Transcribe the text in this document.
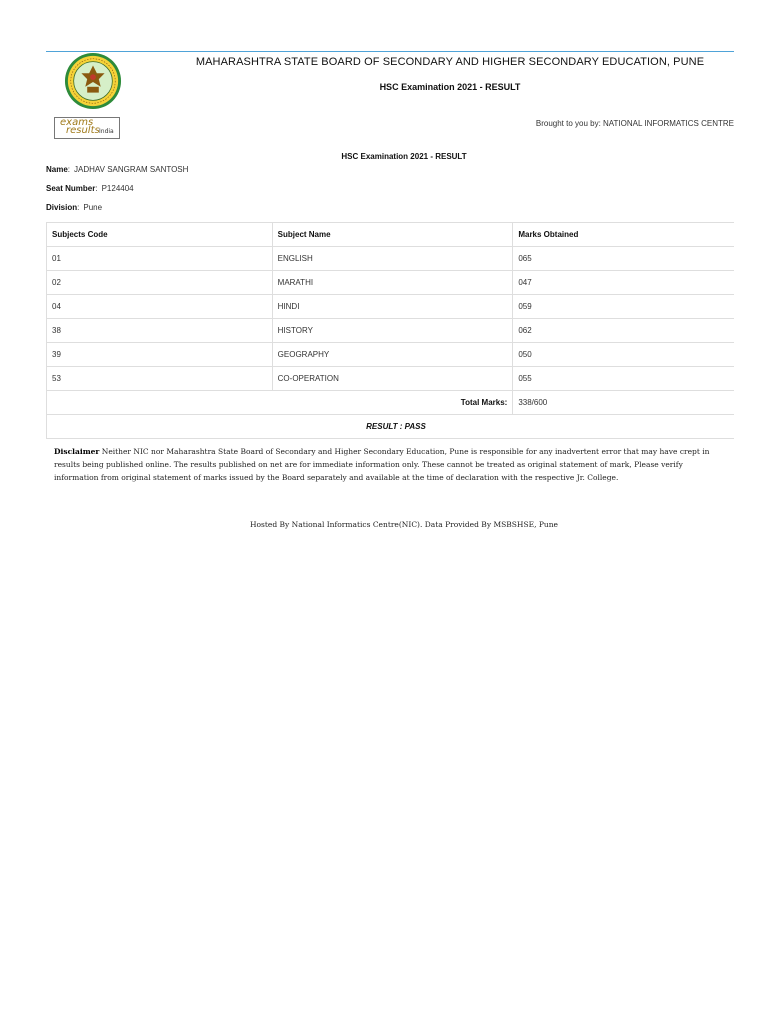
MAHARASHTRA STATE BOARD OF SECONDARY AND HIGHER SECONDARY EDUCATION, PUNE
HSC Examination 2021 - RESULT
exams
results India
Brought to you by: NATIONAL INFORMATICS CENTRE
HSC Examination 2021 - RESULT
Name: JADHAV SANGRAM SANTOSH
Seat Number: P124404
Division: Pune
Subjects Code	Subject Name	Marks Obtained
01	ENGLISH	065
02	MARATHI	047
04	HINDI	059
38	HISTORY	062
39	GEOGRAPHY	050
53	CO-OPERATION	055
Total Marks:		338/600
RESULT : PASS		
Disclaimer Neither NIC nor Maharashtra State Board of Secondary and Higher Secondary Education, Pune is responsible for any inadvertent error that may have crept in
results being published online. The results published on net are for immediate information only. These cannot be treated as original statement of mark, Please verify
information from original statement of marks issued by the Board separately and available at the time of declaration with the respective Jr. College.
Hosted By National Informatics Centre(NIC). Data Provided By MSBSHSE, Pune
